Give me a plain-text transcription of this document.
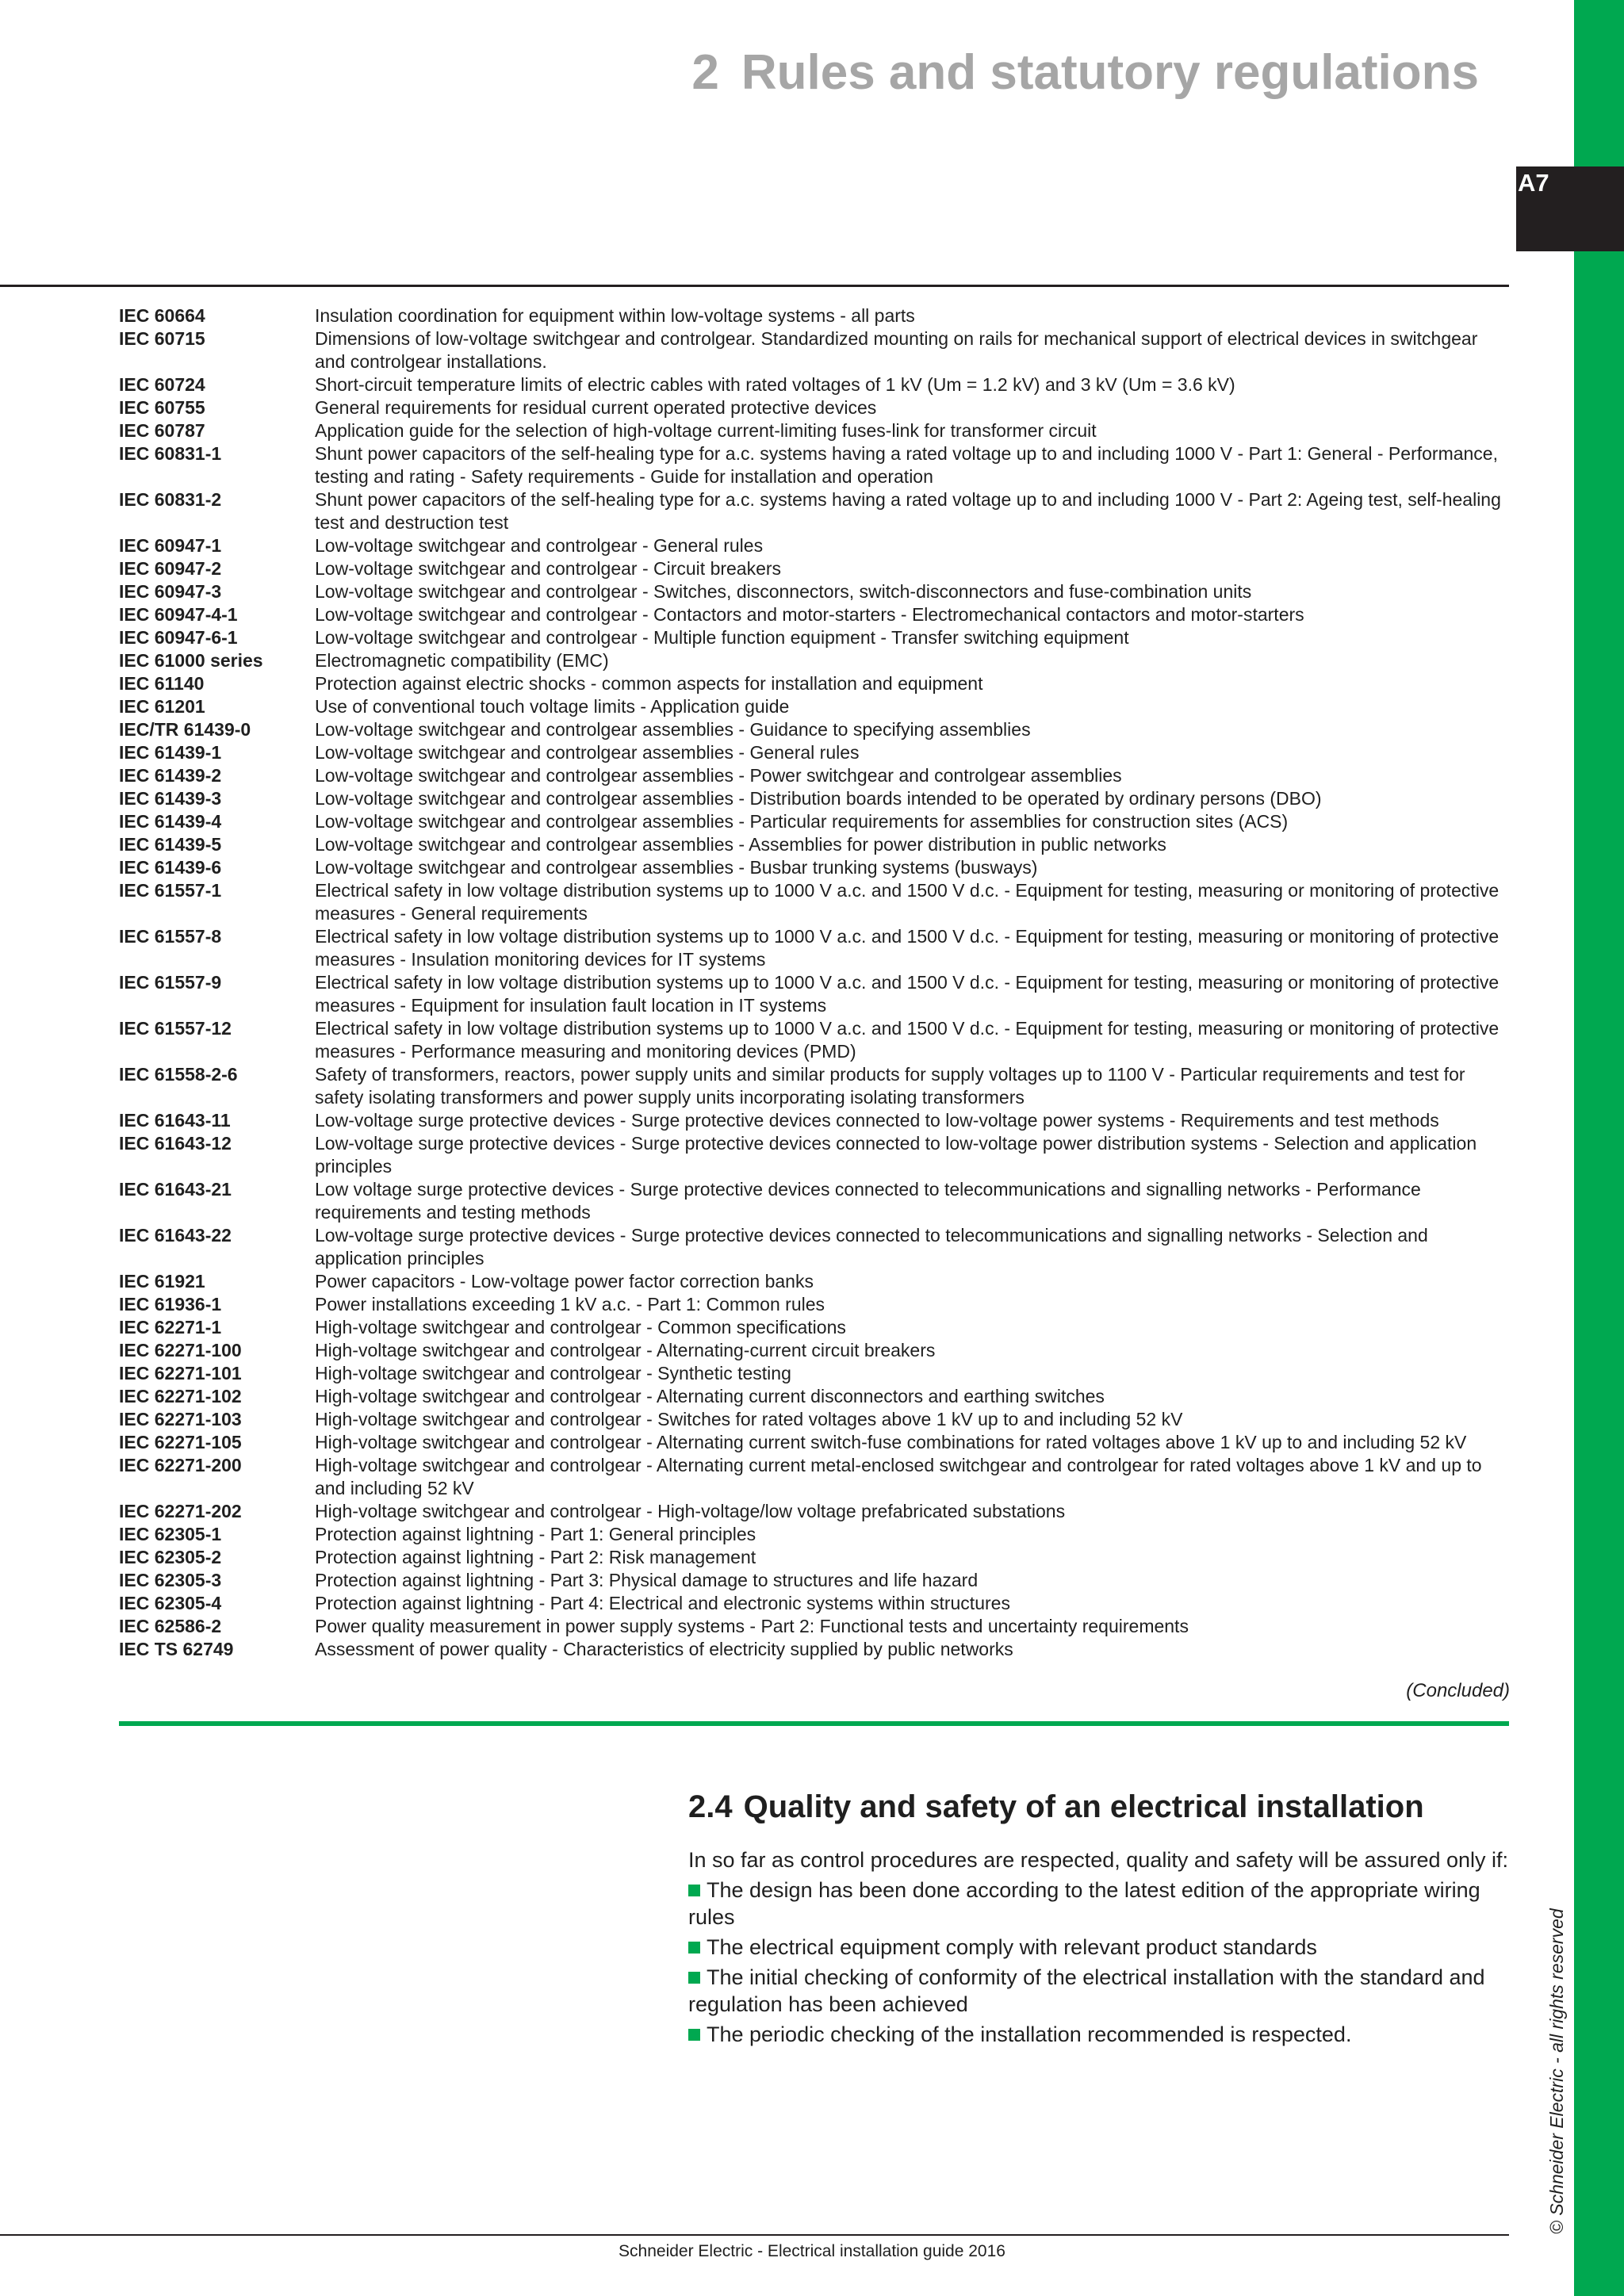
A7
2 Rules and statutory regulations
IEC 60664	Insulation coordination for equipment within low-voltage systems - all parts
IEC 60715	Dimensions of low-voltage switchgear and controlgear. Standardized mounting on rails for mechanical support of electrical devices in switchgear and controlgear installations.
IEC 60724	Short-circuit temperature limits of electric cables with rated voltages of 1 kV (Um = 1.2 kV) and 3 kV (Um = 3.6 kV)
IEC 60755	General requirements for residual current operated protective devices
IEC 60787	Application guide for the selection of high-voltage current-limiting fuses-link for transformer circuit
IEC 60831-1	Shunt power capacitors of the self-healing type for a.c. systems having a rated voltage up to and including 1000 V - Part 1: General - Performance, testing and rating - Safety requirements - Guide for installation and operation
IEC 60831-2	Shunt power capacitors of the self-healing type for a.c. systems having a rated voltage up to and including 1000 V - Part 2: Ageing test, self-healing test and destruction test
IEC 60947-1	Low-voltage switchgear and controlgear - General rules
IEC 60947-2	Low-voltage switchgear and controlgear - Circuit breakers
IEC 60947-3	Low-voltage switchgear and controlgear - Switches, disconnectors, switch-disconnectors and fuse-combination units
IEC 60947-4-1	Low-voltage switchgear and controlgear - Contactors and motor-starters - Electromechanical contactors and motor-starters
IEC 60947-6-1	Low-voltage switchgear and controlgear - Multiple function equipment - Transfer switching equipment
IEC 61000 series	Electromagnetic compatibility (EMC)
IEC 61140	Protection against electric shocks - common aspects for installation and equipment
IEC 61201	Use of conventional touch voltage limits - Application guide
IEC/TR 61439-0	Low-voltage switchgear and controlgear assemblies - Guidance to specifying assemblies
IEC 61439-1	Low-voltage switchgear and controlgear assemblies - General rules
IEC 61439-2	Low-voltage switchgear and controlgear assemblies - Power switchgear and controlgear assemblies
IEC 61439-3	Low-voltage switchgear and controlgear assemblies - Distribution boards intended to be operated by ordinary persons (DBO)
IEC 61439-4	Low-voltage switchgear and controlgear assemblies - Particular requirements for assemblies for construction sites (ACS)
IEC 61439-5	Low-voltage switchgear and controlgear assemblies - Assemblies for power distribution in public networks
IEC 61439-6	Low-voltage switchgear and controlgear assemblies - Busbar trunking systems (busways)
IEC 61557-1	Electrical safety in low voltage distribution systems up to 1000 V a.c. and 1500 V d.c. - Equipment for testing, measuring or monitoring of protective measures - General requirements
IEC 61557-8	Electrical safety in low voltage distribution systems up to 1000 V a.c. and 1500 V d.c. - Equipment for testing, measuring or monitoring of protective measures - Insulation monitoring devices for IT systems
IEC 61557-9	Electrical safety in low voltage distribution systems up to 1000 V a.c. and 1500 V d.c. - Equipment for testing, measuring or monitoring of protective measures - Equipment for insulation fault location in IT systems
IEC 61557-12	Electrical safety in low voltage distribution systems up to 1000 V a.c. and 1500 V d.c. - Equipment for testing, measuring or monitoring of protective measures - Performance measuring and monitoring devices (PMD)
IEC 61558-2-6	Safety of transformers, reactors, power supply units and similar products for supply voltages up to 1100 V - Particular requirements and test for safety isolating transformers and power supply units incorporating isolating transformers
IEC 61643-11	Low-voltage surge protective devices - Surge protective devices connected to low-voltage power systems - Requirements and test methods
IEC 61643-12	Low-voltage surge protective devices - Surge protective devices connected to low-voltage power distribution systems - Selection and application principles
IEC 61643-21	Low voltage surge protective devices - Surge protective devices connected to telecommunications and signalling networks - Performance requirements and testing methods
IEC 61643-22	Low-voltage surge protective devices - Surge protective devices connected to telecommunications and signalling networks - Selection and application principles
IEC 61921	Power capacitors - Low-voltage power factor correction banks
IEC 61936-1	Power installations exceeding 1 kV a.c. - Part 1: Common rules
IEC 62271-1	High-voltage switchgear and controlgear - Common specifications
IEC 62271-100	High-voltage switchgear and controlgear - Alternating-current circuit breakers
IEC 62271-101	High-voltage switchgear and controlgear - Synthetic testing
IEC 62271-102	High-voltage switchgear and controlgear - Alternating current disconnectors and earthing switches
IEC 62271-103	High-voltage switchgear and controlgear - Switches for rated voltages above 1 kV up to and including 52 kV
IEC 62271-105	High-voltage switchgear and controlgear - Alternating current switch-fuse combinations for rated voltages above 1 kV up to and including 52 kV
IEC 62271-200	High-voltage switchgear and controlgear - Alternating current metal-enclosed switchgear and controlgear for rated voltages above 1 kV and up to and including 52 kV
IEC 62271-202	High-voltage switchgear and controlgear - High-voltage/low voltage prefabricated substations
IEC 62305-1	Protection against lightning - Part 1: General principles
IEC 62305-2	Protection against lightning - Part 2: Risk management
IEC 62305-3	Protection against lightning - Part 3: Physical damage to structures and life hazard
IEC 62305-4	Protection against lightning - Part 4: Electrical and electronic systems within structures
IEC 62586-2	Power quality measurement in power supply systems - Part 2: Functional tests and uncertainty requirements
IEC TS 62749	Assessment of power quality - Characteristics of electricity supplied by public networks
(Concluded)
2.4 Quality and safety of an electrical installation

In so far as control procedures are respected, quality and safety will be assured only if:

The design has been done according to the latest edition of the appropriate wiring rules
The electrical equipment comply with relevant product standards
The initial checking of conformity of the electrical installation with the standard and regulation has been achieved
The periodic checking of the installation recommended is respected.
Schneider Electric - Electrical installation guide 2016
© Schneider Electric - all rights reserved
